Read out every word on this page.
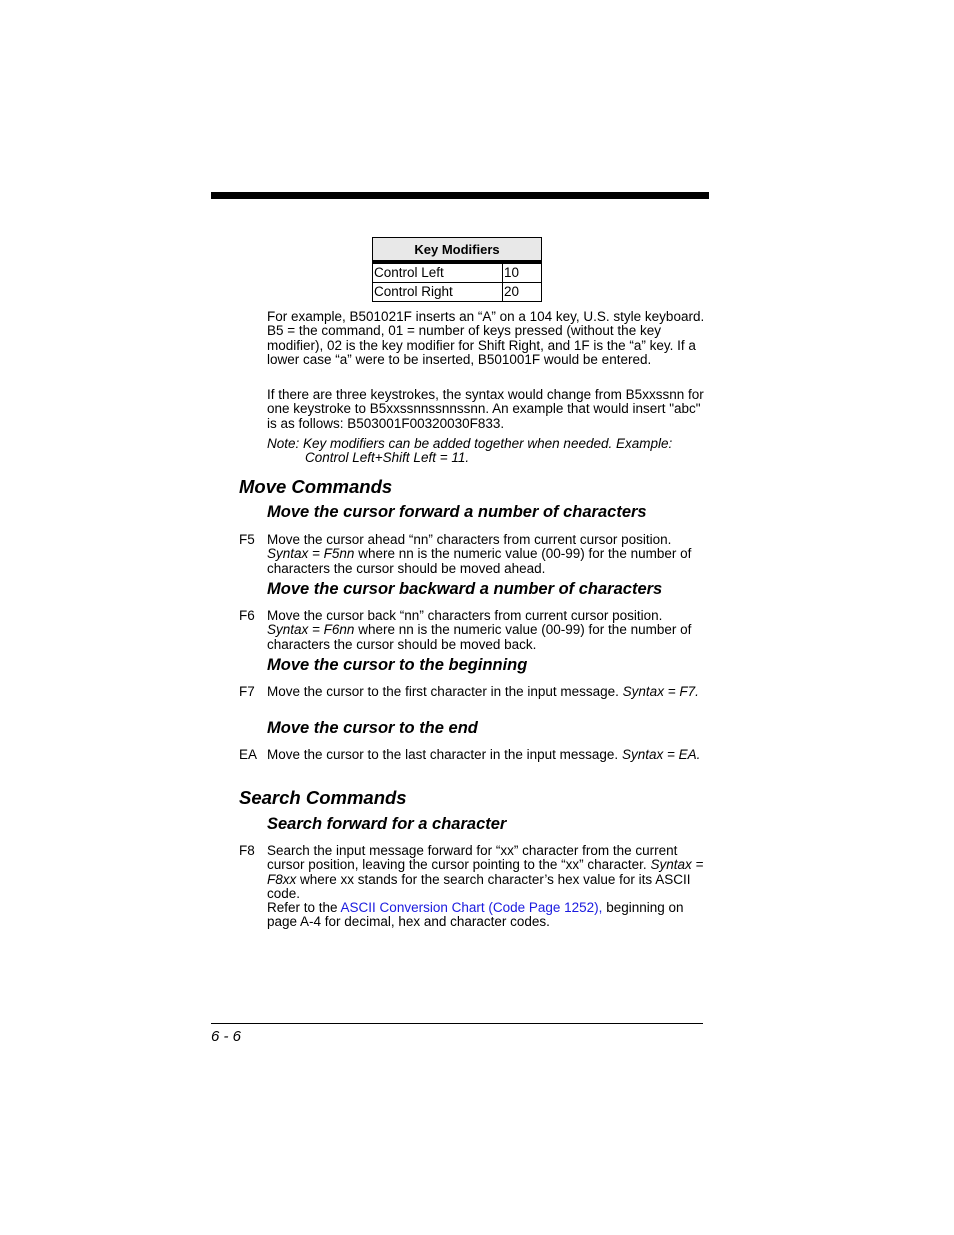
Key Modifiers	
Control Left	10
Control Right	20

For example, B501021F inserts an “A” on a 104 key, U.S. style keyboard. B5 = the command, 01 = number of keys pressed (without the key modifier), 02 is the key modifier for Shift Right, and 1F is the “a” key. If a lower case “a” were to be inserted, B501001F would be entered.

If there are three keystrokes, the syntax would change from B5xxssnn for one keystroke to B5xxssnnssnnssnn. An example that would insert "abc" is as follows: B503001F00320030F833.

Note: Key modifiers can be added together when needed. Example:
Control Left+Shift Left = 11.
Move Commands
Move the cursor forward a number of characters
F5 Move the cursor ahead “nn” characters from current cursor position. Syntax = F5nn where nn is the numeric value (00-99) for the number of characters the cursor should be moved ahead.
Move the cursor backward a number of characters
F6 Move the cursor back “nn” characters from current cursor position. Syntax = F6nn where nn is the numeric value (00-99) for the number of characters the cursor should be moved back.
Move the cursor to the beginning
F7 Move the cursor to the first character in the input message. Syntax = F7.
Move the cursor to the end
EA Move the cursor to the last character in the input message. Syntax = EA.
Search Commands
Search forward for a character
F8 Search the input message forward for “xx” character from the current cursor position, leaving the cursor pointing to the “xx” character. Syntax = F8xx where xx stands for the search character’s hex value for its ASCII code.
Refer to the ASCII Conversion Chart (Code Page 1252), beginning on page A-4 for decimal, hex and character codes.
6 - 6
